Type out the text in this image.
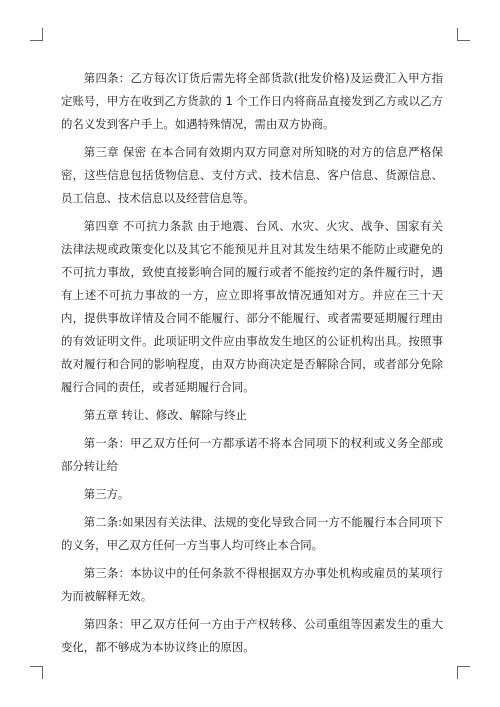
第四条：乙方每次订货后需先将全部货款(批发价格)及运费汇入甲方指定账号，甲方在收到乙方货款的 1 个工作日内将商品直接发到乙方或以乙方的名义发到客户手上。如遇特殊情况，需由双方协商。

第三章 保密 在本合同有效期内双方同意对所知晓的对方的信息严格保密，这些信息包括货物信息、支付方式、技术信息、客户信息、货源信息、员工信息、技术信息以及经营信息等。

第四章 不可抗力条款 由于地震、台风、水灾、火灾、战争、国家有关法律法规或政策变化以及其它不能预见并且对其发生结果不能防止或避免的不可抗力事故，致使直接影响合同的履行或者不能按约定的条件履行时，遇有上述不可抗力事故的一方，应立即将事故情况通知对方。并应在三十天内，提供事故详情及合同不能履行、部分不能履行、或者需要延期履行理由的有效证明文件。此项证明文件应由事故发生地区的公证机构出具。按照事故对履行和合同的影响程度，由双方协商决定是否解除合同，或者部分免除履行合同的责任，或者延期履行合同。

第五章 转让、修改、解除与终止

第一条：甲乙双方任何一方都承诺不将本合同项下的权利或义务全部或部分转让给

第三方。

第二条:如果因有关法律、法规的变化导致合同一方不能履行本合同项下的义务，甲乙双方任何一方当事人均可终止本合同。

第三条：本协议中的任何条款不得根据双方办事处机构或雇员的某项行为而被解释无效。

第四条：甲乙双方任何一方由于产权转移、公司重组等因素发生的重大变化，都不够成为本协议终止的原因。
